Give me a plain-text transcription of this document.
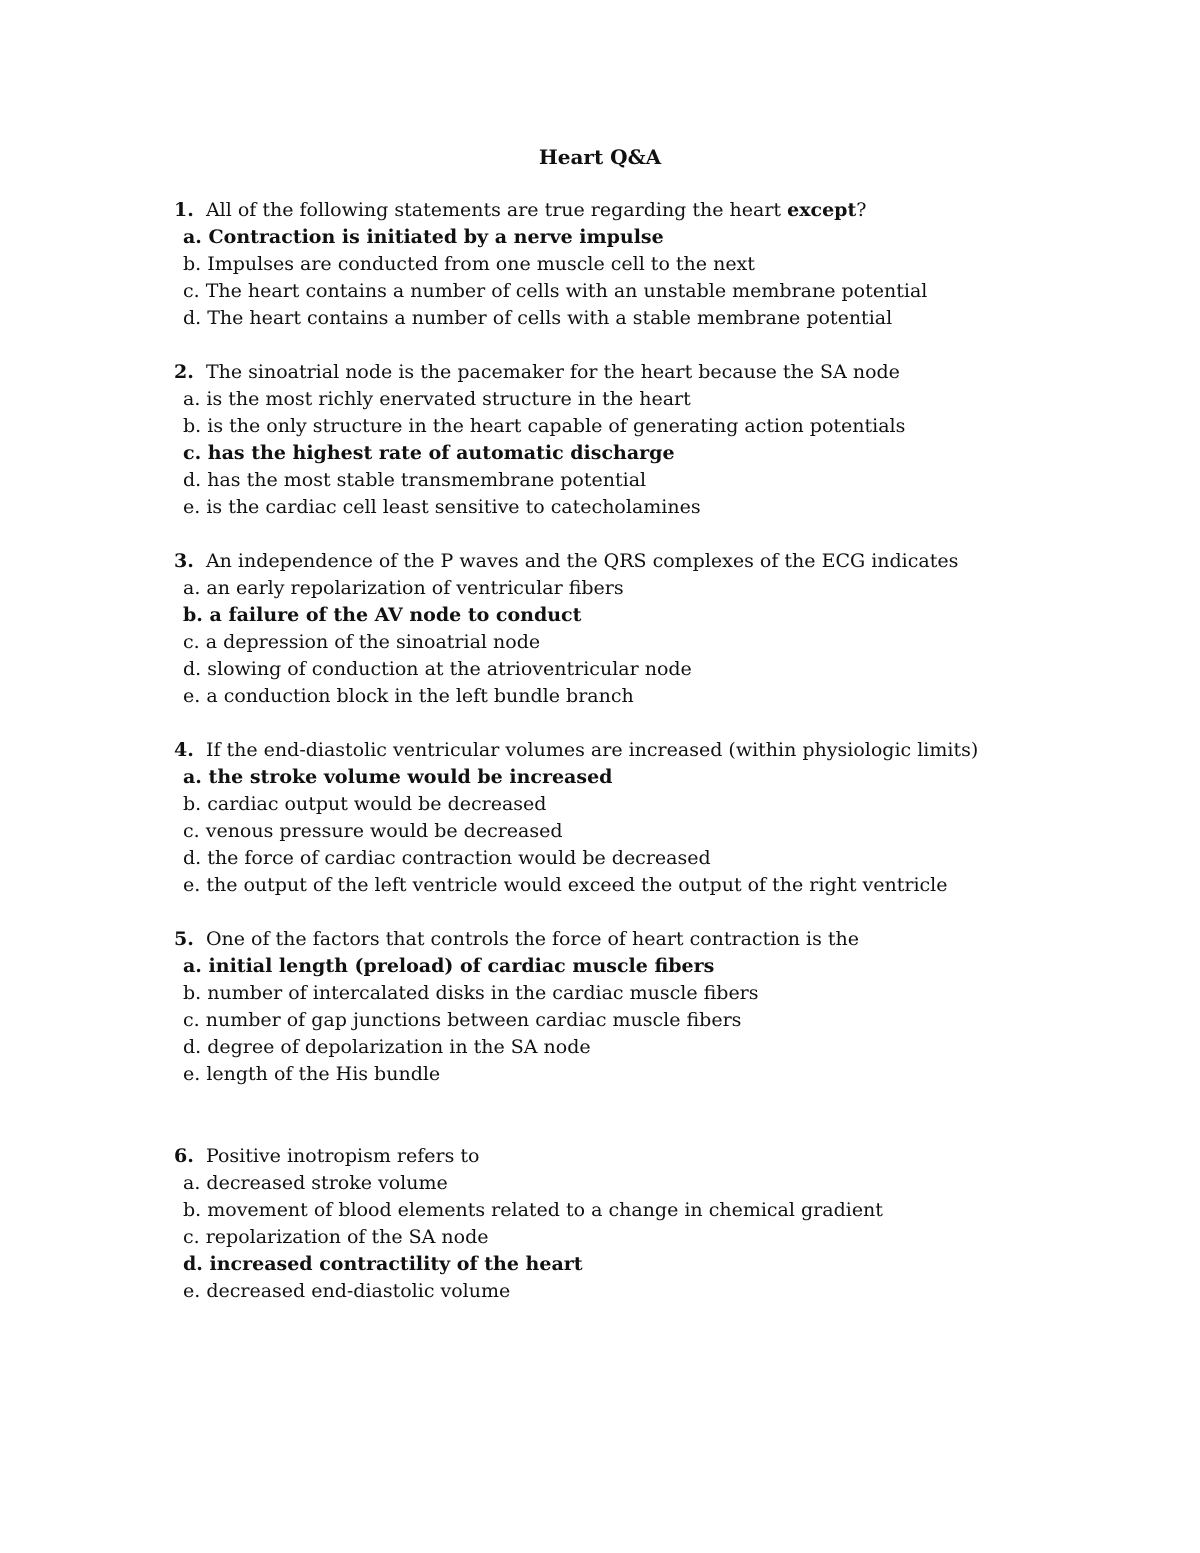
Heart Q&A
1. All of the following statements are true regarding the heart except?
a. Contraction is initiated by a nerve impulse
b. Impulses are conducted from one muscle cell to the next
c. The heart contains a number of cells with an unstable membrane potential
d. The heart contains a number of cells with a stable membrane potential
2. The sinoatrial node is the pacemaker for the heart because the SA node
a. is the most richly enervated structure in the heart
b. is the only structure in the heart capable of generating action potentials
c. has the highest rate of automatic discharge
d. has the most stable transmembrane potential
e. is the cardiac cell least sensitive to catecholamines
3. An independence of the P waves and the QRS complexes of the ECG indicates
a. an early repolarization of ventricular fibers
b. a failure of the AV node to conduct
c. a depression of the sinoatrial node
d. slowing of conduction at the atrioventricular node
e. a conduction block in the left bundle branch
4. If the end-diastolic ventricular volumes are increased (within physiologic limits)
a. the stroke volume would be increased
b. cardiac output would be decreased
c. venous pressure would be decreased
d. the force of cardiac contraction would be decreased
e. the output of the left ventricle would exceed the output of the right ventricle
5. One of the factors that controls the force of heart contraction is the
a. initial length (preload) of cardiac muscle fibers
b. number of intercalated disks in the cardiac muscle fibers
c. number of gap junctions between cardiac muscle fibers
d. degree of depolarization in the SA node
e. length of the His bundle
6. Positive inotropism refers to
a. decreased stroke volume
b. movement of blood elements related to a change in chemical gradient
c. repolarization of the SA node
d. increased contractility of the heart
e. decreased end-diastolic volume
